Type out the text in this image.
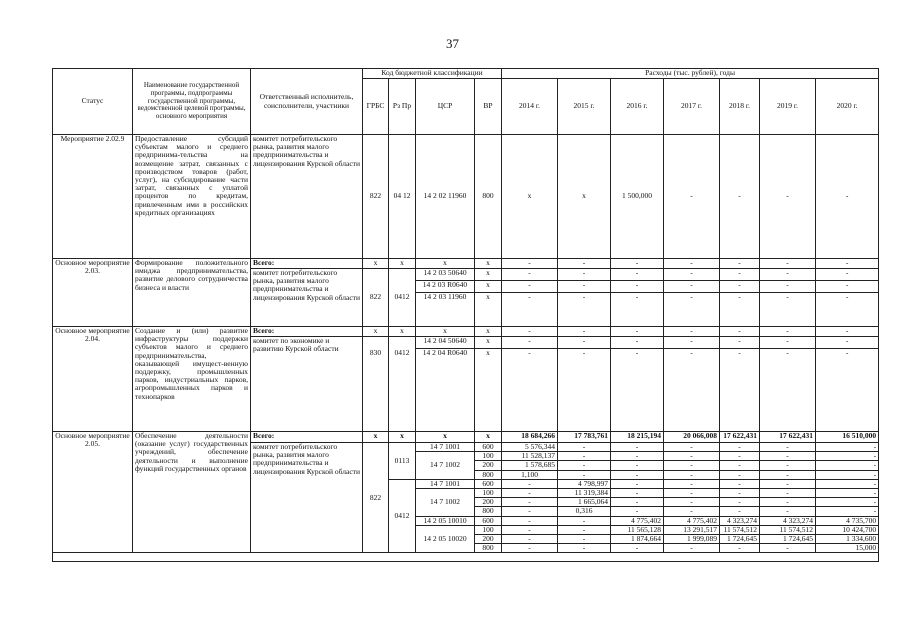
37
Статус	Наименование государственной программы, подпрограммы государственной программы, ведомственной целевой программы, основного мероприятия	Ответственный исполнитель, соисполнители, участники	Код бюджетной классификации				Расходы (тыс. рублей), годы						
			ГРБС	Рз Пр	ЦСР	ВР	2014 г.	2015 г.	2016 г.	2017 г.	2018 г.	2019 г.	2020 г.
Мероприятие 2.02.9	Предоставление субсидий субъектам малого и среднего предпринима-тельства на возмещение затрат, связанных с производством товаров (работ, услуг), на субсидирование части затрат, связанных с уплатой процентов по кредитам, привлеченным ими в российских кредитных организациях	комитет потребительского рынка, развития малого предпринимательства и лицензирования Курской области	822	04 12	14 2 02 11960	800	х	х	1 500,000	-	-	-	-
Основное мероприятие 2.03.	Формирование положительного имиджа предпринимательства, развитие делового сотрудничества бизнеса и власти	Всего:	х	х	х	х	-	-	-	-	-	-	-
		комитет потребительского рынка, развития малого предпринимательства и лицензирования Курской области	822	0412	14 2 03 50640	х	-	-	-	-	-	-	-
					14 2 03 R0640	х	-	-	-	-	-	-	-
					14 2 03 11960	х	-	-	-	-	-	-	-
Основное мероприятие 2.04.	Создание и (или) развитие инфраструктуры поддержки субъектов малого и среднего предпринимательства, оказывающей имущест-венную поддержку, промышленных парков, индустриальных парков, агропромышленных парков и технопарков	Всего:	х	х	х	х	-	-	-	-	-	-	-
		комитет по экономике и развитию Курской области	830	0412	14 2 04 50640	х	-	-	-	-	-	-	-
					14 2 04 R0640	х	-	-	-	-	-	-	-
Основное мероприятие 2.05.	Обеспечение деятельности (оказание услуг) государственных учреждений, обеспечение деятельности и выполнение функций государственных органов	Всего:	х	х	х	х	18 684,266	17 783,761	18 215,194	20 066,008	17 622,431	17 622,431	16 510,000
		комитет потребительского рынка, развития малого предпринимательства и лицензирования Курской области	822	0113	14 7 1001	600	5 576,344	-	-	-	-	-	-
					14 7 1002	100	11 528,137	-	-	-	-	-	-
						200	1 578,685	-	-	-	-	-	-
						800	1,100	-	-	-	-	-	-
				0412	14 7 1001	600	-	4 798,997	-	-	-	-	-
					14 7 1002	100	-	11 319,384	-	-	-	-	-
						200	-	1 665,064	-	-	-	-	-
						800	-	0,316	-	-	-	-	-
					14 2 05 10010	600	-	-	4 775,402	4 775,402	4 323,274	4 323,274	4 735,700
					14 2 05 10020	100	-	-	11 565,128	13 291,517	11 574,512	11 574,512	10 424,700
						200	-	-	1 874,664	1 999,089	1 724,645	1 724,645	1 334,600
						800	-	-	-	-	-	-	15,000
